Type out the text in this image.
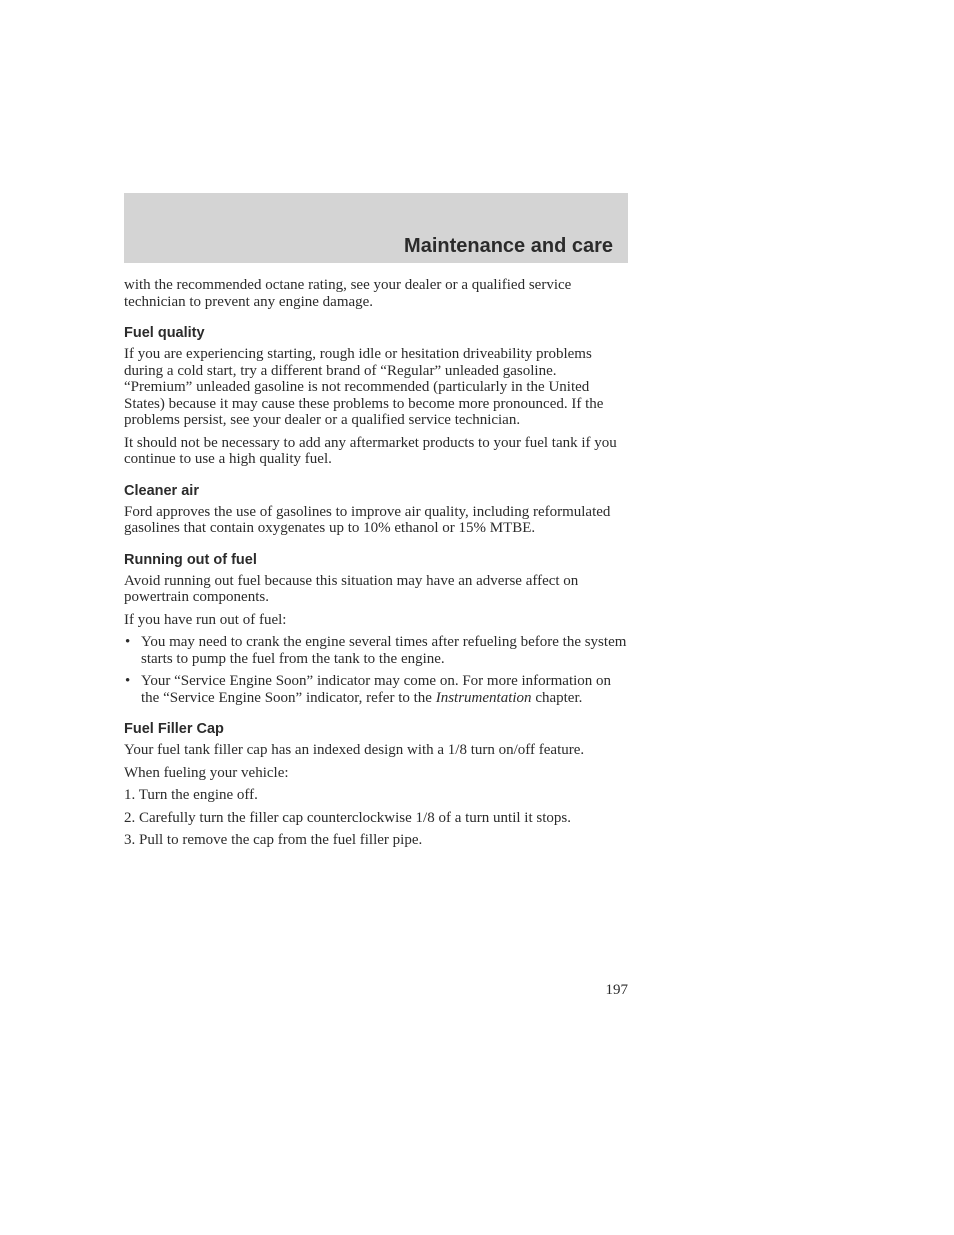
Maintenance and care

with the recommended octane rating, see your dealer or a qualified service technician to prevent any engine damage.

Fuel quality

If you are experiencing starting, rough idle or hesitation driveability problems during a cold start, try a different brand of “Regular” unleaded gasoline. “Premium” unleaded gasoline is not recommended (particularly in the United States) because it may cause these problems to become more pronounced. If the problems persist, see your dealer or a qualified service technician.

It should not be necessary to add any aftermarket products to your fuel tank if you continue to use a high quality fuel.

Cleaner air

Ford approves the use of gasolines to improve air quality, including reformulated gasolines that contain oxygenates up to 10% ethanol or 15% MTBE.

Running out of fuel

Avoid running out fuel because this situation may have an adverse affect on powertrain components.

If you have run out of fuel:

• You may need to crank the engine several times after refueling before the system starts to pump the fuel from the tank to the engine.
• Your “Service Engine Soon” indicator may come on. For more information on the “Service Engine Soon” indicator, refer to the Instrumentation chapter.
Fuel Filler Cap

Your fuel tank filler cap has an indexed design with a 1/8 turn on/off feature.

When fueling your vehicle:

1. Turn the engine off.
2. Carefully turn the filler cap counterclockwise 1/8 of a turn until it stops.
3. Pull to remove the cap from the fuel filler pipe.
197
